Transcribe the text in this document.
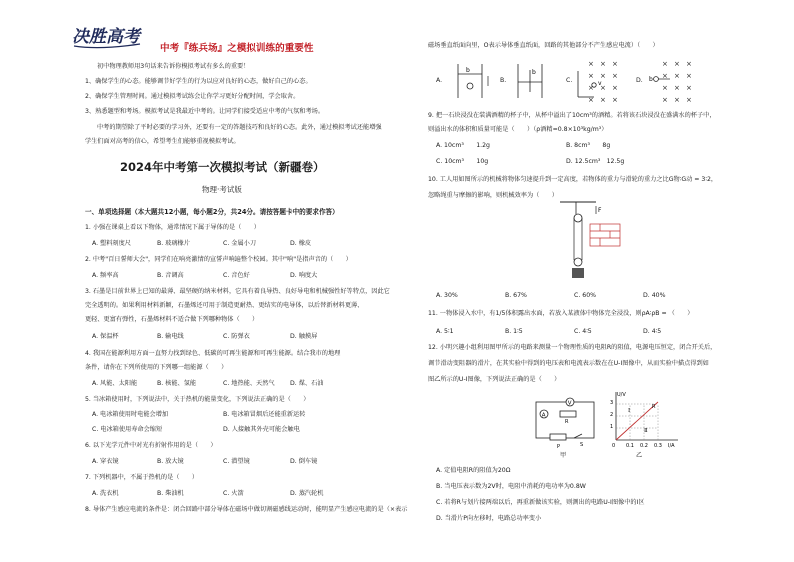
决胜高考
中考『练兵场』之模拟训练的重要性
初中物理教师用3句话来告诉你模拟考试有多么的重要！
1、确保学生的心态。能够调节好学生的行为以应对良好的心态，做好自己的心态。
2、确保学生管理时间。通过模拟考试练会让你学习更好分配时间，学会取舍。
3、熟悉题型和考场。模拟考试是我最近中考的。让同学们接受适应中考的气氛和考场。
中考的期望除了平时必要的学习外，还要有一定的答题技巧和良好的心态。此外，通过模拟考试还能增强
学生们面对高考的信心，希望考生们能够重视模拟考试。
2024年中考第一次模拟考试（新疆卷）
物理·考试版
一、单项选择题（本大题共12小题，每小题2分，共24分。请按答题卡中的要求作答）
1. 小强在课桌上看以下物体，通常情况下属于导体的是（　　）
A. 塑料刻度尺	B. 玻璃橡片	C. 金属小刀	D. 橡皮
2. 中考"百日誓师大会"，同学们在响亮激情的宣誓声响遍整个校园。其中"响"是指声音的（　　）
A. 频率高	B. 音调高	C. 音色好	D. 响度大
3. 石墨是目前世界上已知的最薄、最坚硬的纳米材料，它具有着良导热、良好导电和机械强性好等特点，因此它
完全透明的。如果利用材料新颖，石墨烯还可用于制造更耐热、更结实的电导体，以后替新材料更薄、
更轻、更富有弹性，石墨烯材料不适合做下列哪种物体（　　）
A. 保温杯	B. 输电线	C. 防弹衣	D. 触摸屏
4. 我国在能源利用方面一直努力找到绿色、低碳的可再生能源和可再生能源。结合我市的地理
条件，请你在下列所使用的下列哪一组能源（　　）
A. 风能、太阳能	B. 核能、氢能	C. 地热能、天然气 D. 煤、石油
5. 当冰箱使用时，下列说法中，关于热机的能量变化，下列说法正确的是（　　）
A. 电冰箱使用时电能会增加	B. 电冰箱冒烟后还能重新运转
C. 电冰箱使用寿命会缩短	D. 人接触其外壳可能会触电
6. 以下光学元件中对光有折射作用的是（　　）
A. 穿衣镜	B. 放大镜	C. 潜望镜	D. 倒车镜
7. 下列机器中，不属于热机的是（　　）
A. 洗衣机	B. 柴油机	C. 火箭	D. 蒸汽轮机
8. 导体产生感应电流的条件是：闭合回路中部分导体在磁场中做切割磁感线运动时，能明显产生感应电流的是（×表示
磁场垂直纸面向里，O表示导体垂直纸面，回路的其他部分不产生感应电流）（　　）
A.
b
B.
b
C.
× × ×
× × ×
× × ×
× × ×
v	D.
× × ×
× × ×
× × ×
× × ×
b
9. 把一石块浸没在装满酒精的杯子中，从杯中溢出了10cm³的酒精。若将该石块浸没在盛满水的杯子中，
则溢出水的体积和质量可能是（　　）（ρ酒精=0.8×10³kg/m³）
A. 10cm³　　1.2g	B. 8cm³　　8g
C. 10cm³　　10g	D. 12.5cm³　12.5g
10. 工人用如图所示的机械将物体匀速提升到一定高度，若物体的重力与滑轮的重力之比G物∶G动 = 3∶2，
忽略绳重与摩擦的影响，则机械效率为（　　）
F
A. 30%	B. 67%	C. 60%	D. 40%
11. 一物体浸入水中，有1/5体积露出水面，若放入某液体中物体完全浸没，则ρA∶ρB = （　　）
A. 5∶1	B. 1∶5	C. 4∶5	D. 4∶5
12. 小明兴趣小组利用图甲所示的电路来测量一个物理性质的电阻R的阻值，电源电压恒定，闭合开关后，
调节滑动变阻器的滑片，在其实验中得到的电压表和电流表示数在在U-I图像中，从而实验中描点得到如
图乙所示的U-I图像，下列说法正确的是（　　）
V
A
R
P	S
甲
U/V
I/A
0 0.1 0.2 0.3
3
2
1
R
Ⅰ
Ⅱ
乙
A. 定值电阻R的阻值为20Ω
B. 当电压表示数为2V时，电阻中消耗的电功率为0.8W
C. 若将R与划片接两端以后，再重新做该实验，则测出的电路U-I图像中的Ⅰ区
D. 当滑片P向左移时，电路总功率变小
